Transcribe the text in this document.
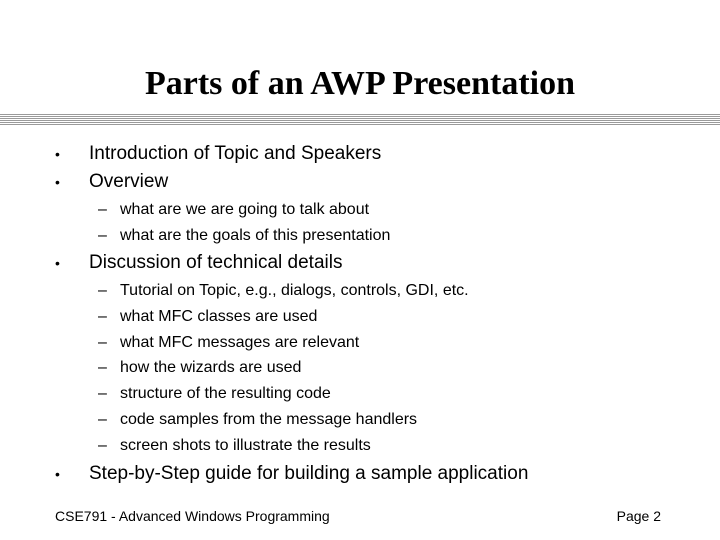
Parts of an AWP Presentation
• Introduction of Topic and Speakers
• Overview
– what are we are going to talk about
– what are the goals of this presentation
• Discussion of technical details
– Tutorial on Topic, e.g., dialogs, controls, GDI, etc.
– what MFC classes are used
– what MFC messages are relevant
– how the wizards are used
– structure of the resulting code
– code samples from the message handlers
– screen shots to illustrate the results
• Step-by-Step guide for building a sample application
CSE791 - Advanced Windows Programming	Page 2
